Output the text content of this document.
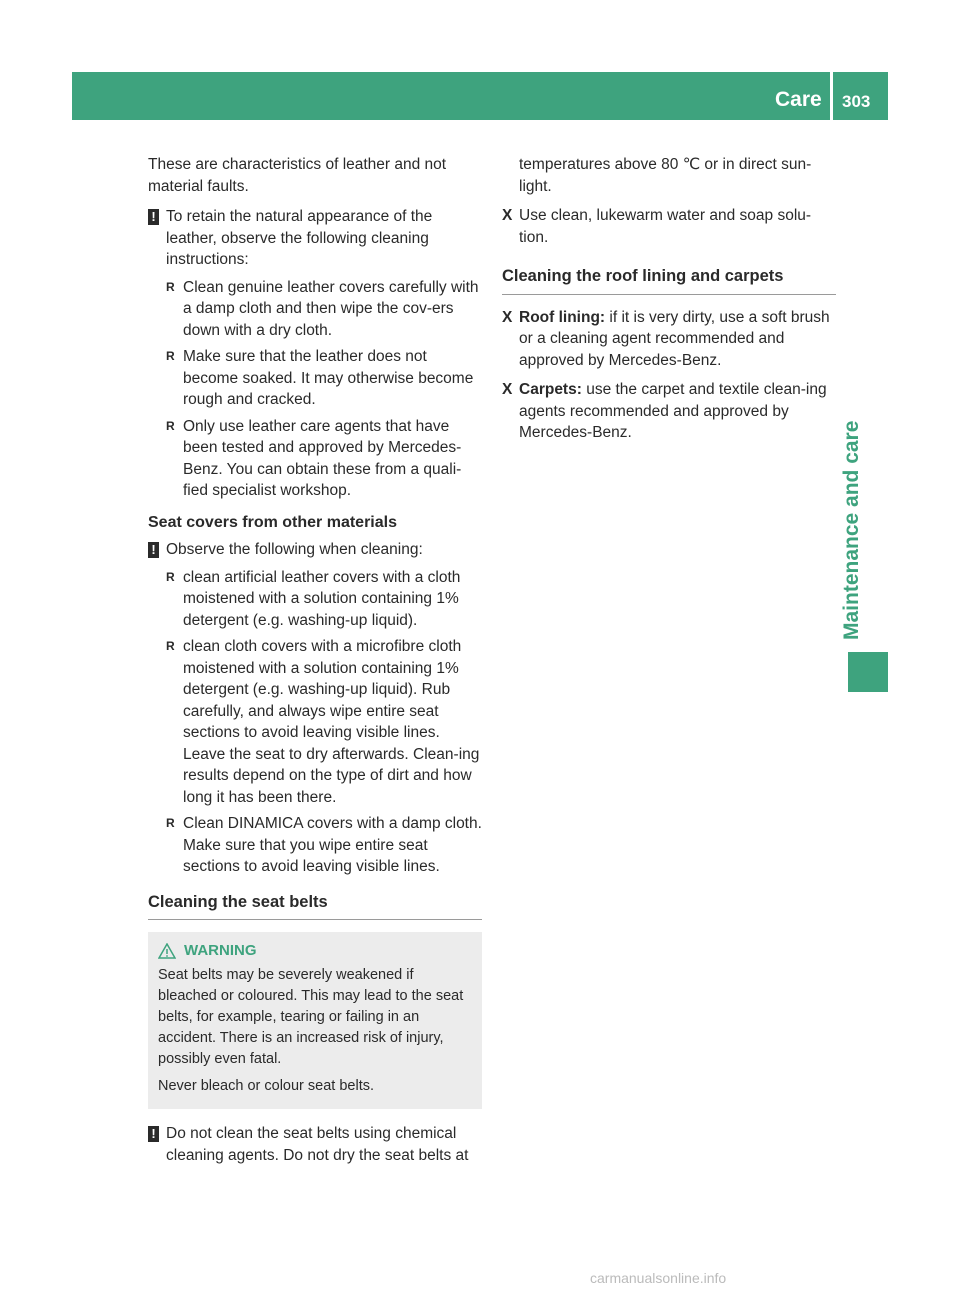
Care 303
Maintenance and care

These are characteristics of leather and not material faults.

! To retain the natural appearance of the leather, observe the following cleaning instructions:

R Clean genuine leather covers carefully with a damp cloth and then wipe the cov-ers down with a dry cloth.
R Make sure that the leather does not become soaked. It may otherwise become rough and cracked.
R Only use leather care agents that have been tested and approved by Mercedes-Benz. You can obtain these from a quali-fied specialist workshop.

Seat covers from other materials

! Observe the following when cleaning:

R clean artificial leather covers with a cloth moistened with a solution containing 1% detergent (e.g. washing-up liquid).
R clean cloth covers with a microfibre cloth moistened with a solution containing 1% detergent (e.g. washing-up liquid). Rub carefully, and always wipe entire seat sections to avoid leaving visible lines. Leave the seat to dry afterwards. Clean-ing results depend on the type of dirt and how long it has been there.
R Clean DINAMICA covers with a damp cloth. Make sure that you wipe entire seat sections to avoid leaving visible lines.
Cleaning the seat belts
WARNING

Seat belts may be severely weakened if bleached or coloured. This may lead to the seat belts, for example, tearing or failing in an accident. There is an increased risk of injury, possibly even fatal.

Never bleach or colour seat belts.

! Do not clean the seat belts using chemical cleaning agents. Do not dry the seat belts at

temperatures above 80 ℃ or in direct sun-light.

X Use clean, lukewarm water and soap solu-tion.
Cleaning the roof lining and carpets
X Roof lining: if it is very dirty, use a soft brush or a cleaning agent recommended and approved by Mercedes-Benz.
X Carpets: use the carpet and textile clean-ing agents recommended and approved by Mercedes-Benz.
carmanualsonline.info
